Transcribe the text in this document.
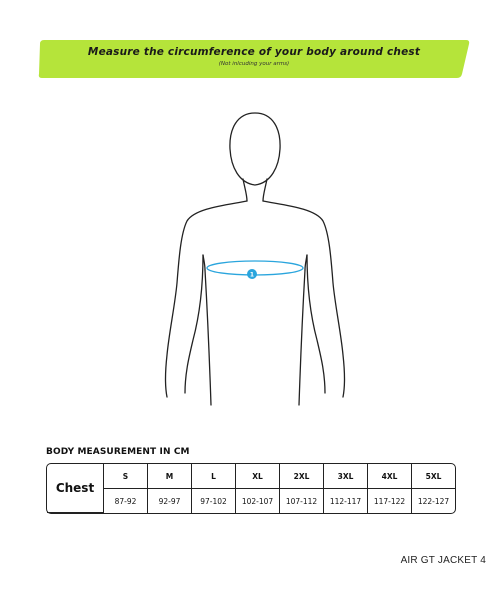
Measure the circumference of your body around chest
(Not inlcuding your arms)
1
BODY MEASUREMENT IN CM
Chest	S	M	L	XL	2XL	3XL	4XL	5XL
	87-92	92-97	97-102	102-107	107-112	112-117	117-122	122-127
AIR GT JACKET 4
